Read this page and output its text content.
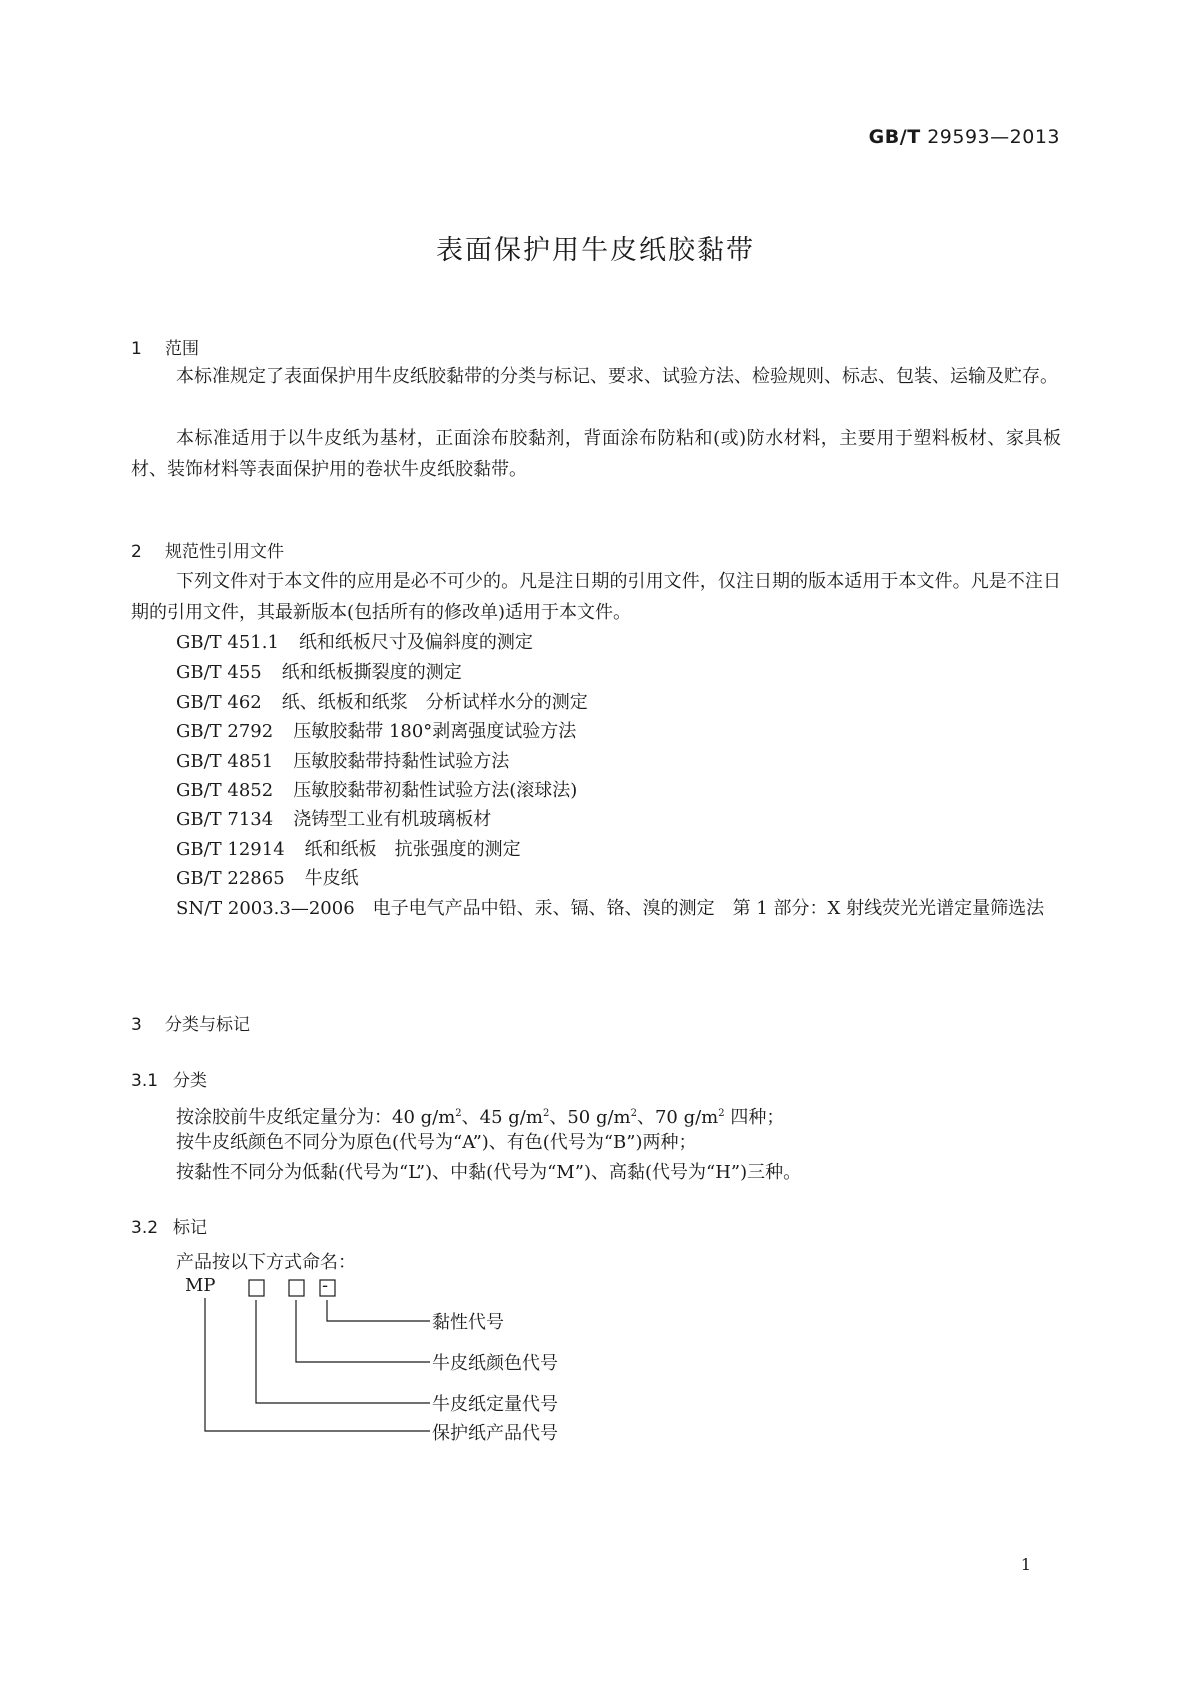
GB/T 29593—2013
表面保护用牛皮纸胶黏带
1 范围

本标准规定了表面保护用牛皮纸胶黏带的分类与标记、要求、试验方法、检验规则、标志、包装、运输及贮存。

本标准适用于以牛皮纸为基材，正面涂布胶黏剂，背面涂布防粘和(或)防水材料，主要用于塑料板材、家具板材、装饰材料等表面保护用的卷状牛皮纸胶黏带。

2 规范性引用文件

下列文件对于本文件的应用是必不可少的。凡是注日期的引用文件，仅注日期的版本适用于本文件。凡是不注日期的引用文件，其最新版本(包括所有的修改单)适用于本文件。

GB/T 451.1 纸和纸板尺寸及偏斜度的测定
GB/T 455 纸和纸板撕裂度的测定
GB/T 462 纸、纸板和纸浆　分析试样水分的测定
GB/T 2792 压敏胶黏带 180°剥离强度试验方法
GB/T 4851 压敏胶黏带持黏性试验方法
GB/T 4852 压敏胶黏带初黏性试验方法(滚球法)
GB/T 7134 浇铸型工业有机玻璃板材
GB/T 12914 纸和纸板　抗张强度的测定
GB/T 22865 牛皮纸

SN/T 2003.3—2006　电子电气产品中铅、汞、镉、铬、溴的测定　第 1 部分：X 射线荧光光谱定量筛选法

3 分类与标记
3.1 分类
按涂胶前牛皮纸定量分为：40 $g/m^2$、45 $g/m^2$、50 $g/m^2$、70 $g/m^2$ 四种；
按牛皮纸颜色不同分为原色(代号为“A”)、有色(代号为“B”)两种；
按黏性不同分为低黏(代号为“L”)、中黏(代号为“M”)、高黏(代号为“H”)三种。
3.2 标记
产品按以下方式命名：
MP	-
黏性代号
牛皮纸颜色代号
牛皮纸定量代号
保护纸产品代号
1
